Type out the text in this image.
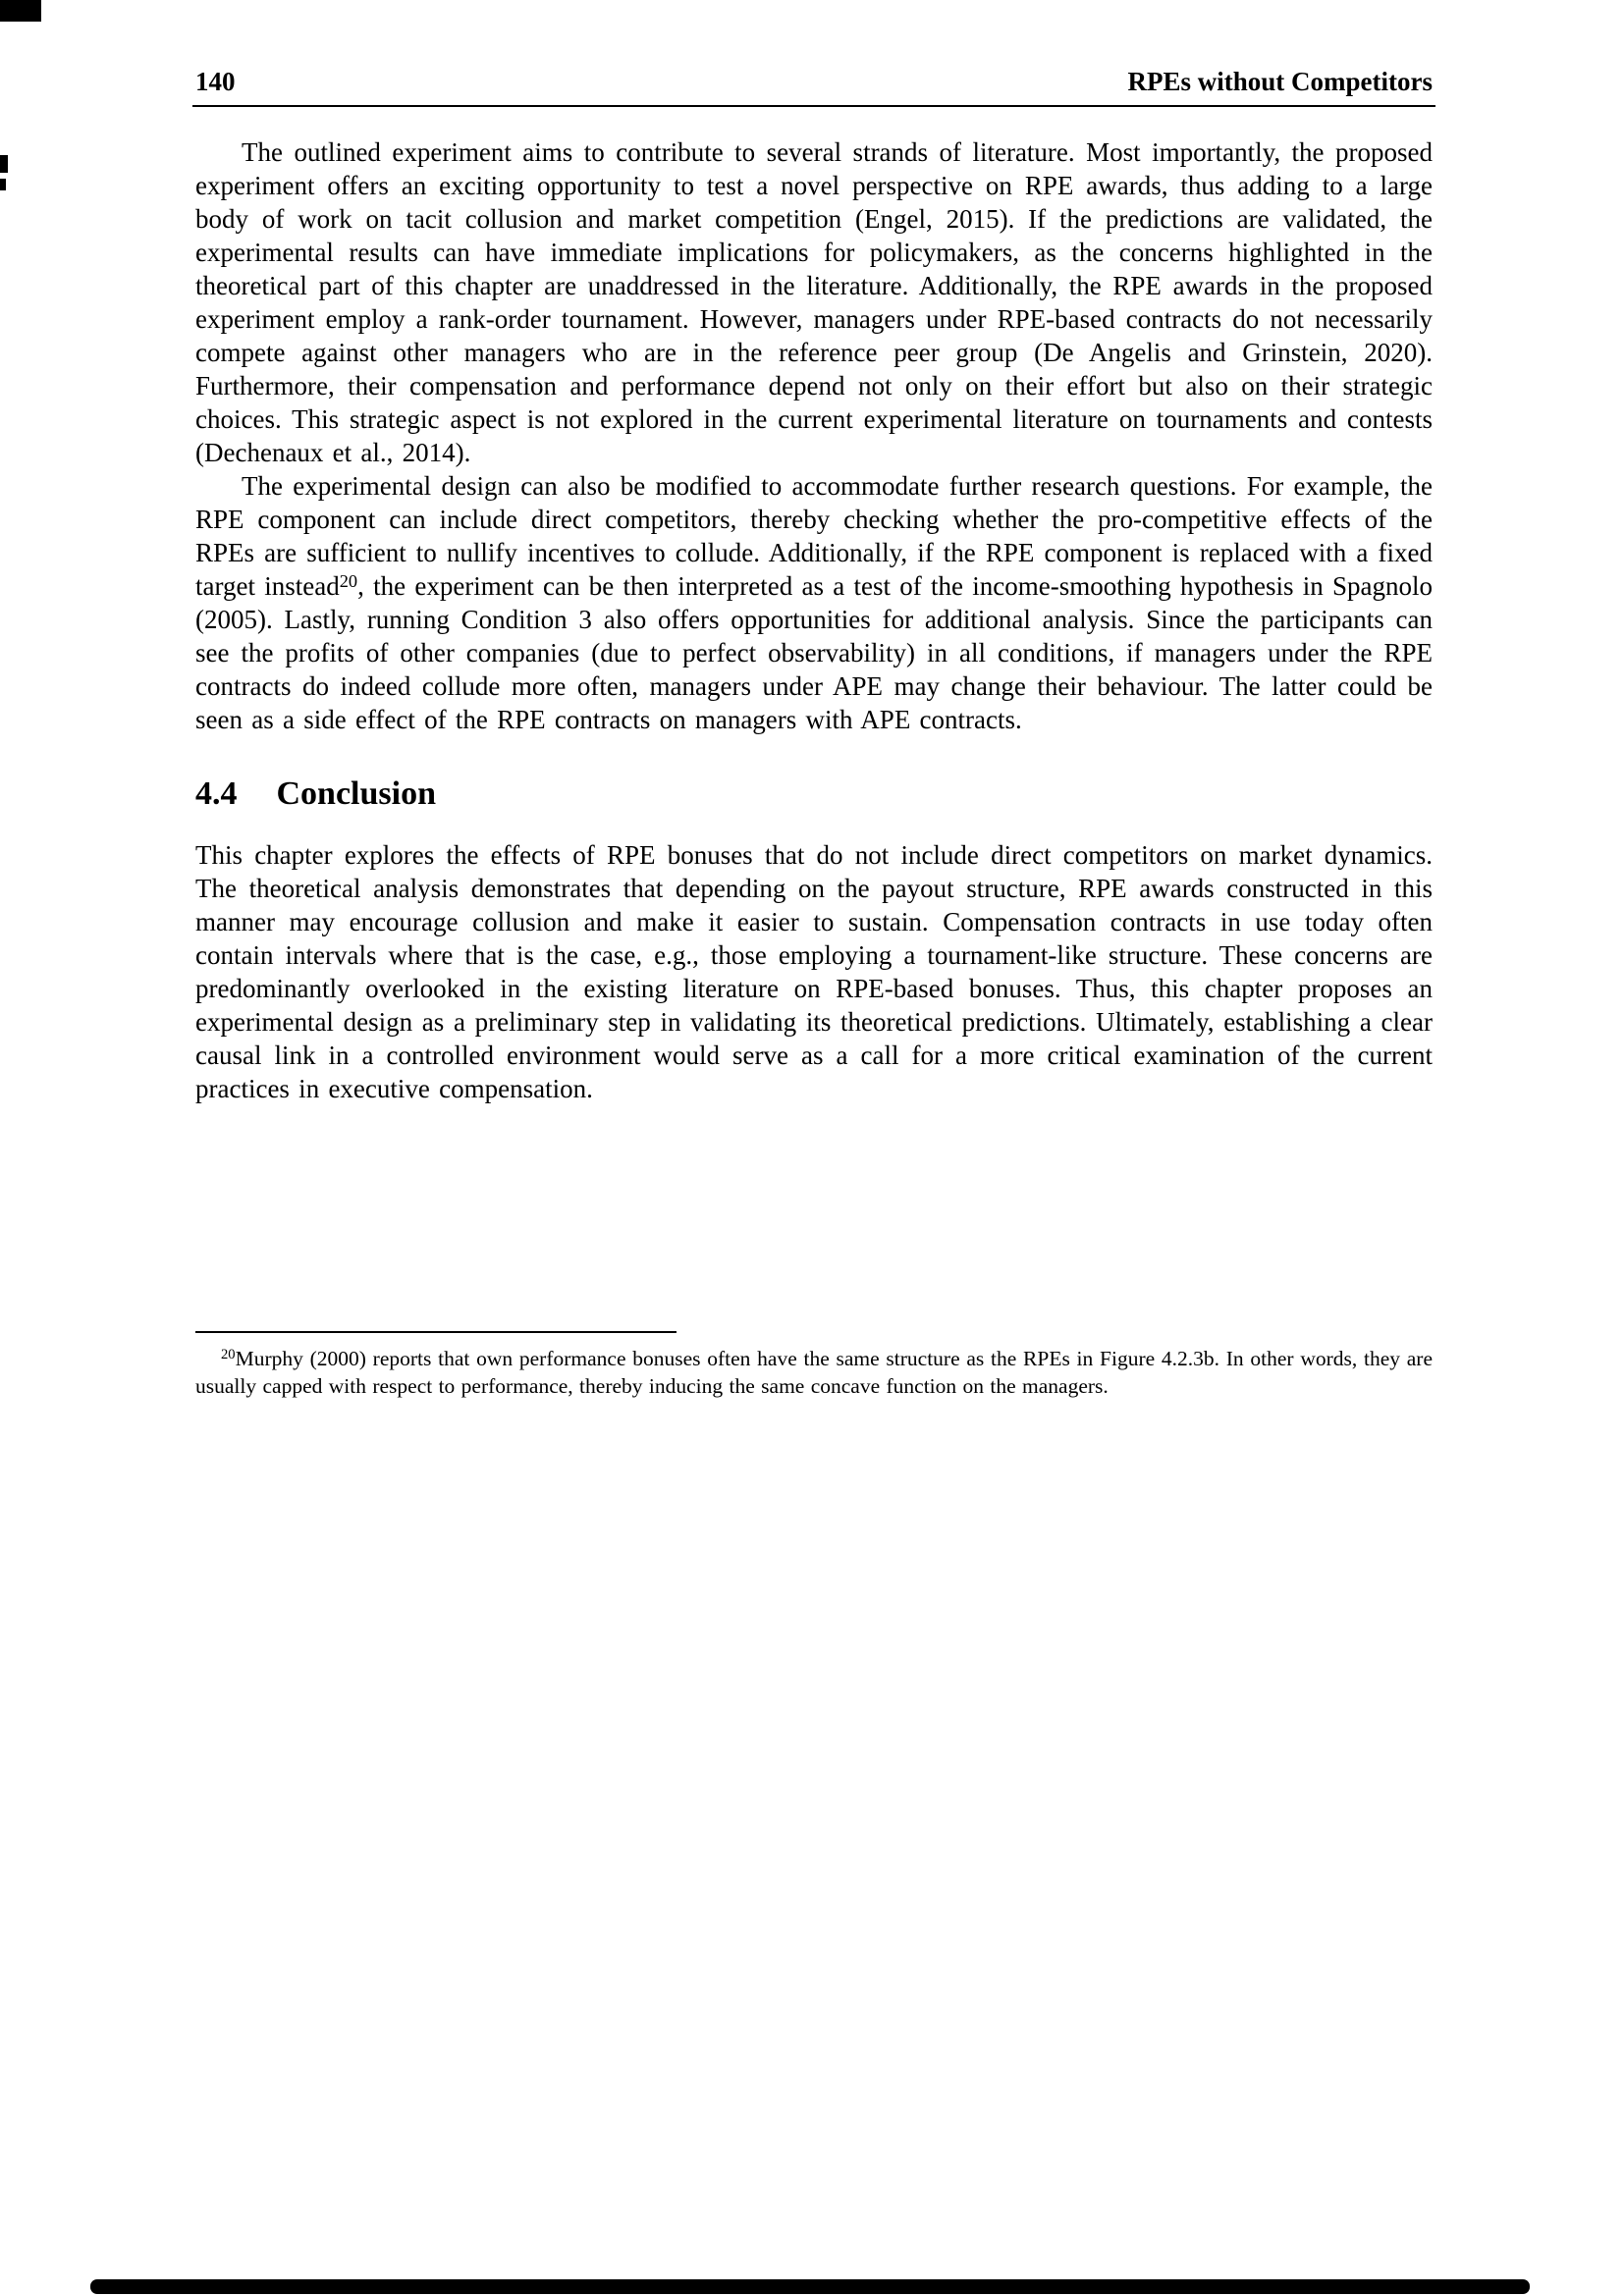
140	RPEs without Competitors

The outlined experiment aims to contribute to several strands of literature. Most importantly, the proposed experiment offers an exciting opportunity to test a novel perspective on RPE awards, thus adding to a large body of work on tacit collusion and market competition (Engel, 2015). If the predictions are validated, the experimental results can have immediate implications for policymakers, as the concerns highlighted in the theoretical part of this chapter are unaddressed in the literature. Additionally, the RPE awards in the proposed experiment employ a rank-order tournament. However, managers under RPE-based contracts do not necessarily compete against other managers who are in the reference peer group (De Angelis and Grinstein, 2020). Furthermore, their compensation and performance depend not only on their effort but also on their strategic choices. This strategic aspect is not explored in the current experimental literature on tournaments and contests (Dechenaux et al., 2014).

The experimental design can also be modified to accommodate further research questions. For example, the RPE component can include direct competitors, thereby checking whether the pro-competitive effects of the RPEs are sufficient to nullify incentives to collude. Additionally, if the RPE component is replaced with a fixed target instead$^{20}$, the experiment can be then interpreted as a test of the income-smoothing hypothesis in Spagnolo (2005). Lastly, running Condition 3 also offers opportunities for additional analysis. Since the participants can see the profits of other companies (due to perfect observability) in all conditions, if managers under the RPE contracts do indeed collude more often, managers under APE may change their behaviour. The latter could be seen as a side effect of the RPE contracts on managers with APE contracts.

4.4 Conclusion

This chapter explores the effects of RPE bonuses that do not include direct competitors on market dynamics. The theoretical analysis demonstrates that depending on the payout structure, RPE awards constructed in this manner may encourage collusion and make it easier to sustain. Compensation contracts in use today often contain intervals where that is the case, e.g., those employing a tournament-like structure. These concerns are predominantly overlooked in the existing literature on RPE-based bonuses. Thus, this chapter proposes an experimental design as a preliminary step in validating its theoretical predictions. Ultimately, establishing a clear causal link in a controlled environment would serve as a call for a more critical examination of the current practices in executive compensation.

$^{20}$Murphy (2000) reports that own performance bonuses often have the same structure as the RPEs in Figure 4.2.3b. In other words, they are usually capped with respect to performance, thereby inducing the same concave function on the managers.
